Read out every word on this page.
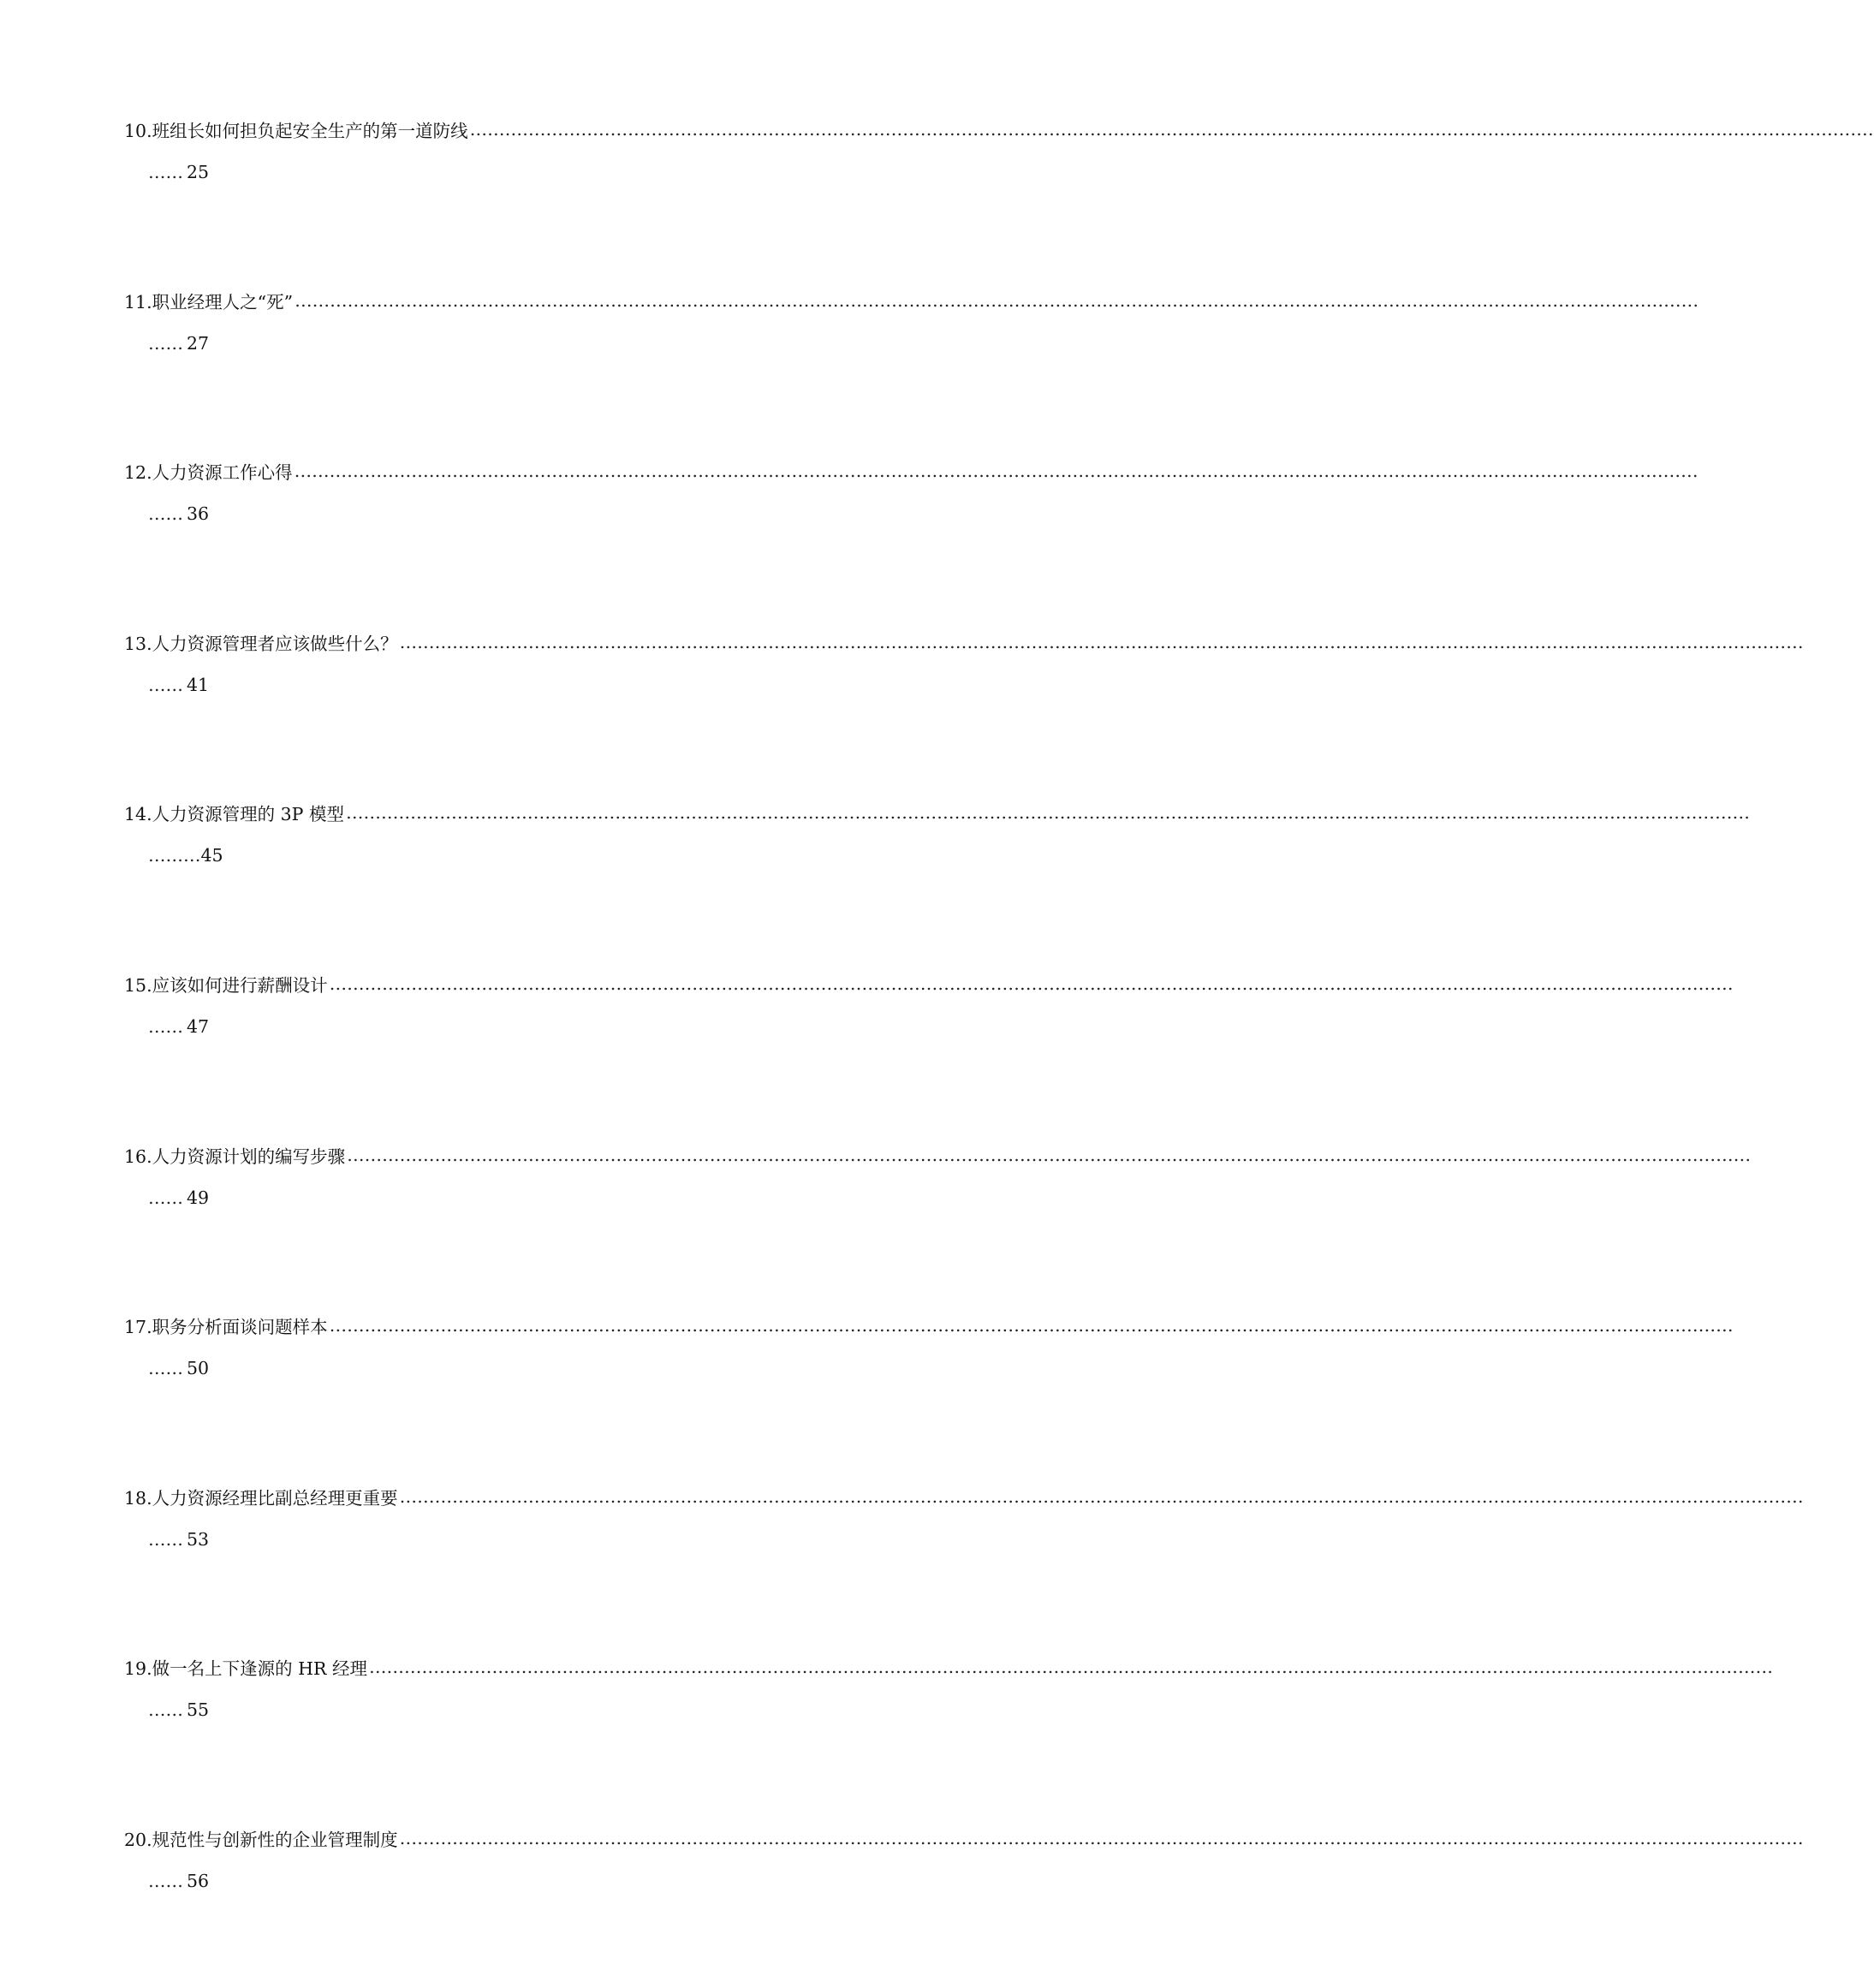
10.班组长如何担负起安全生产的第一道防线 ……………………………………………………………………………………………………………………………………………………………………………………………………………………
…… 25
11.职业经理人之“死” ……………………………………………………………………………………………………………………………………………………………………………………………………………………
…… 27
12.人力资源工作心得 ……………………………………………………………………………………………………………………………………………………………………………………………………………………
…… 36
13.人力资源管理者应该做些什么？ ……………………………………………………………………………………………………………………………………………………………………………………………………………………
…… 41
14.人力资源管理的 3P 模型 ……………………………………………………………………………………………………………………………………………………………………………………………………………………
……… 45
15.应该如何进行薪酬设计 ……………………………………………………………………………………………………………………………………………………………………………………………………………………
…… 47
16.人力资源计划的编写步骤 ……………………………………………………………………………………………………………………………………………………………………………………………………………………
…… 49
17.职务分析面谈问题样本 ……………………………………………………………………………………………………………………………………………………………………………………………………………………
…… 50
18.人力资源经理比副总经理更重要 ……………………………………………………………………………………………………………………………………………………………………………………………………………………
…… 53
19.做一名上下逢源的 HR 经理 ……………………………………………………………………………………………………………………………………………………………………………………………………………………
…… 55
20.规范性与创新性的企业管理制度 ……………………………………………………………………………………………………………………………………………………………………………………………………………………
…… 56
